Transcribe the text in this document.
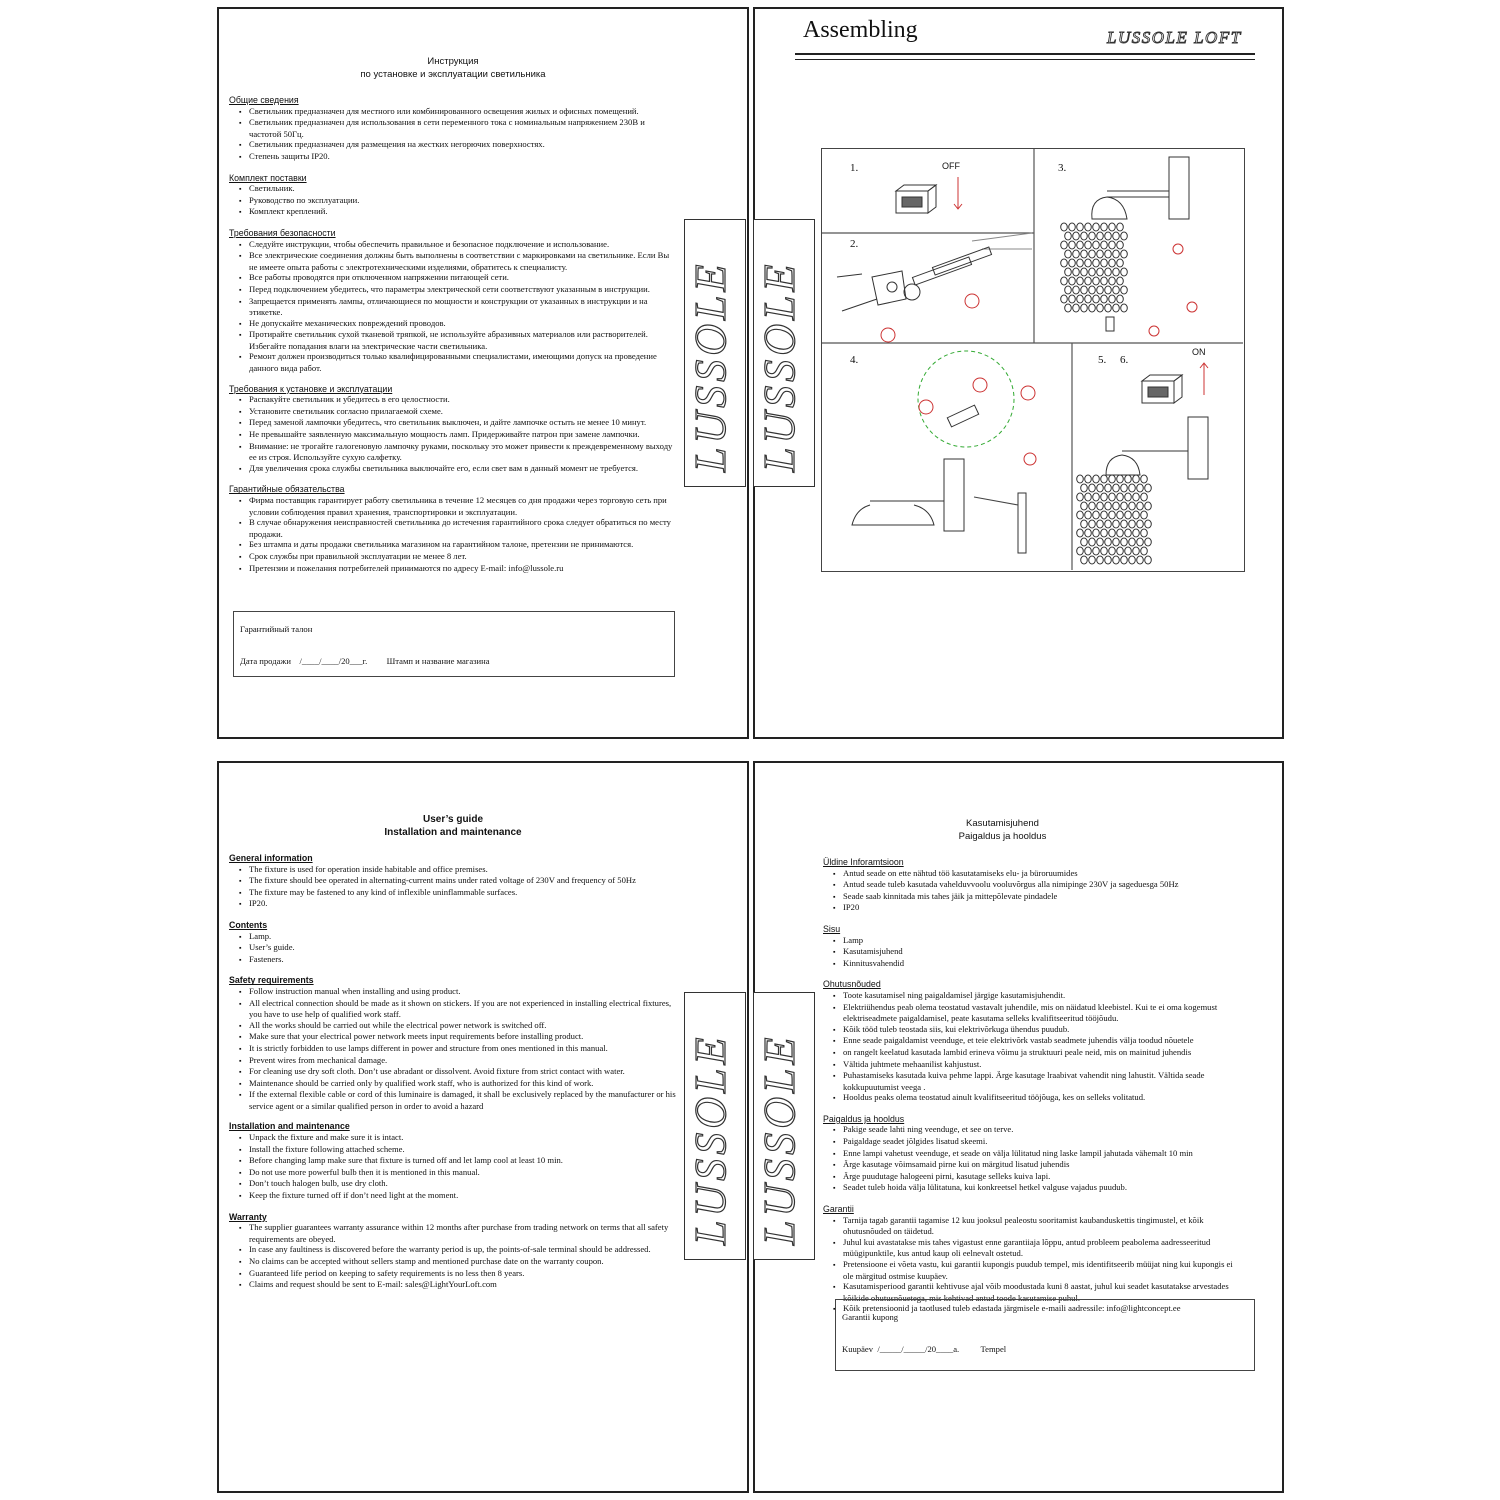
Инструкция
по установке и эксплуатации светильника
Общие сведения
▪ Светильник предназначен для местного или комбинированного освещения жилых и офисных помещений.
▪ Светильник предназначен для использования в сети переменного тока с номинальным напряжением 230В и частотой 50Гц.
▪ Светильник предназначен для размещения на жестких негорючих поверхностях.
▪ Степень защиты IP20.
Комплект поставки
▪ Светильник.
▪ Руководство по эксплуатации.
▪ Комплект креплений.
Требования безопасности
▪ Следуйте инструкции, чтобы обеспечить правильное и безопасное подключение и использование.
▪ Все электрические соединения должны быть выполнены в соответствии с маркировками на светильнике. Если Вы не имеете опыта работы с электротехническими изделиями, обратитесь к специалисту.
▪ Все работы проводятся при отключенном напряжении питающей сети.
▪ Перед подключением убедитесь, что параметры электрической сети соответствуют указанным в инструкции.
▪ Запрещается применять лампы, отличающиеся по мощности и конструкции от указанных в инструкции и на этикетке.
▪ Не допускайте механических повреждений проводов.
▪ Протирайте светильник сухой тканевой тряпкой, не используйте абразивных материалов или растворителей. Избегайте попадания влаги на электрические части светильника.
▪ Ремонт должен производиться только квалифицированными специалистами, имеющими допуск на проведение данного вида работ.
Требования к установке и эксплуатации
▪ Распакуйте светильник и убедитесь в его целостности.
▪ Установите светильник согласно прилагаемой схеме.
▪ Перед заменой лампочки убедитесь, что светильник выключен, и дайте лампочке остыть не менее 10 минут.
▪ Не превышайте заявленную максимальную мощность ламп. Придерживайте патрон при замене лампочки.
▪ Внимание: не трогайте галогеновую лампочку руками, поскольку это может привести к преждевременному выходу ее из строя. Используйте сухую салфетку.
▪ Для увеличения срока службы светильника выключайте его, если свет вам в данный момент не требуется.
Гарантийные обязательства
▪ Фирма поставщик гарантирует работу светильника в течение 12 месяцев со дня продажи через торговую сеть при условии соблюдения правил хранения, транспортировки и эксплуатации.
▪ В случае обнаружения неисправностей светильника до истечения гарантийного срока следует обратиться по месту продажи.
▪ Без штампа и даты продажи светильника магазином на гарантийном талоне, претензии не принимаются.
▪ Срок службы при правильной эксплуатации не менее 8 лет.
▪ Претензии и пожелания потребителей принимаются по адресу E-mail: info@lussole.ru
Гарантийный талон
Дата продажи    /____/____/20___г.         Штамп и название магазина
Assembling	LUSSOLE LOFT
1.
2.
3.
4.	5. 6.
OFF
ON
User’s guide
Installation and maintenance
General information
▪ The fixture is used for operation inside habitable and office premises.
▪ The fixture should bee operated in alternating-current mains under rated voltage of 230V and frequency of 50Hz
▪ The fixture may be fastened to any kind of inflexible uninflammable surfaces.
▪ IP20.
Contents
▪ Lamp.
▪ User’s guide.
▪ Fasteners.
Safety requirements
▪ Follow instruction manual when installing and using product.
▪ All electrical connection should be made as it shown on stickers. If you are not experienced in installing electrical fixtures, you have to use help of qualified work staff.
▪ All the works should be carried out while the electrical power network is switched off.
▪ Make sure that your electrical power network meets input requirements before installing product.
▪ It is strictly forbidden to use lamps different in power and structure from ones mentioned in this manual.
▪ Prevent wires from mechanical damage.
▪ For cleaning use dry soft cloth. Don’t use abradant or dissolvent. Avoid fixture from strict contact with water.
▪ Maintenance should be carried only by qualified work staff, who is authorized for this kind of work.
▪ If the external flexible cable or cord of this luminaire is damaged, it shall be exclusively replaced by the manufacturer or his service agent or a similar qualified person in order to avoid a hazard
Installation and maintenance
▪ Unpack the fixture and make sure it is intact.
▪ Install the fixture following attached scheme.
▪ Before changing lamp make sure that fixture is turned off and let lamp cool at least 10 min.
▪ Do not use more powerful bulb then it is mentioned in this manual.
▪ Don’t touch halogen bulb, use dry cloth.
▪ Keep the fixture turned off if don’t need light at the moment.
Warranty
▪ The supplier guarantees warranty assurance within 12 months after purchase from trading network on terms that all safety requirements are obeyed.
▪ In case any faultiness is discovered before the warranty period is up, the points-of-sale terminal should be addressed.
▪ No claims can be accepted without sellers stamp and mentioned purchase date on the warranty coupon.
▪ Guaranteed life period on keeping to safety requirements is no less then 8 years.
▪ Claims and request should be sent to E-mail: sales@LightYourLoft.com
Kasutamisjuhend
Paigaldus ja hooldus
Üldine Inforamtsioon
▪ Antud seade on ette nähtud töö kasutatamiseks elu- ja büroruumides
▪ Antud seade tuleb kasutada vahelduvvoolu vooluvõrgus alla nimipinge 230V ja sageduesga 50Hz
▪ Seade saab kinnitada mis tahes jäik ja mittepõlevate pindadele
▪ IP20
Sisu
▪ Lamp
▪ Kasutamisjuhend
▪ Kinnitusvahendid
Ohutusnõuded
▪ Toote kasutamisel ning paigaldamisel järgige kasutamisjuhendit.
▪ Elektriühendus peab olema teostatud vastavalt juhendile, mis on näidatud kleebistel. Kui te ei oma kogemust elektriseadmete paigaldamisel, peate kasutama selleks kvalifitseeritud tööjõudu.
▪ Kõik tööd tuleb teostada siis, kui elektrivõrkuga ühendus puudub.
▪ Enne seade paigaldamist veenduge, et teie elektrivõrk vastab seadmete juhendis välja toodud nõuetele
▪ on rangelt keelatud kasutada lambid erineva võimu ja struktuuri peale neid, mis on mainitud juhendis
▪ Vältida juhtmete mehaanilist kahjustust.
▪ Puhastamiseks kasutada kuiva pehme lappi. Ärge kasutage lraabivat vahendit ning lahustit. Vältida seade kokkupuutumist veega .
▪ Hooldus peaks olema teostatud ainult kvalifitseeritud tööjõuga, kes on selleks volitatud.
Paigaldus ja hooldus
▪ Pakige seade lahti ning veenduge, et see on terve.
▪ Paigaldage seadet jõlgides lisatud skeemi.
▪ Enne lampi vahetust veenduge, et seade on välja lülitatud ning laske lampil jahutada vähemalt 10 min
▪ Ärge kasutage võimsamaid pirne kui on märgitud lisatud juhendis
▪ Ärge puudutage halogeeni pirni, kasutage selleks kuiva lapi.
▪ Seadet tuleb hoida välja lülitatuna, kui konkreetsel hetkel valguse vajadus puudub.
Garantii
▪ Tarnija tagab garantii tagamise 12 kuu jooksul pealeostu sooritamist kaubanduskettis tingimustel, et kõik ohutusnõuded on täidetud.
▪ Juhul kui avastatakse mis tahes vigastust enne garantiiaja lõppu, antud probleem peabolema aadresseeritud müügipunktile, kus antud kaup oli eelnevalt ostetud.
▪ Pretensioone ei võeta vastu, kui garantii kupongis puudub tempel, mis identifitseerib müüjat ning kui kupongis ei ole märgitud ostmise kuupäev.
▪ Kasutamisperiood garantii kehtivuse ajal võib moodustada kuni 8 aastat, juhul kui seadet kasutatakse arvestades kõikide ohutusnõuetega, mis kehtivad antud toode kasutamise puhul.
▪ Kõik pretensioonid ja taotlused tuleb edastada järgmisele e-maili aadressile: info@lightconcept.ee
Garantii kupong
Kuupäev  /_____/_____/20____a.          Tempel
LUSSOLE LUSSOLE
LUSSOLE LUSSOLE
